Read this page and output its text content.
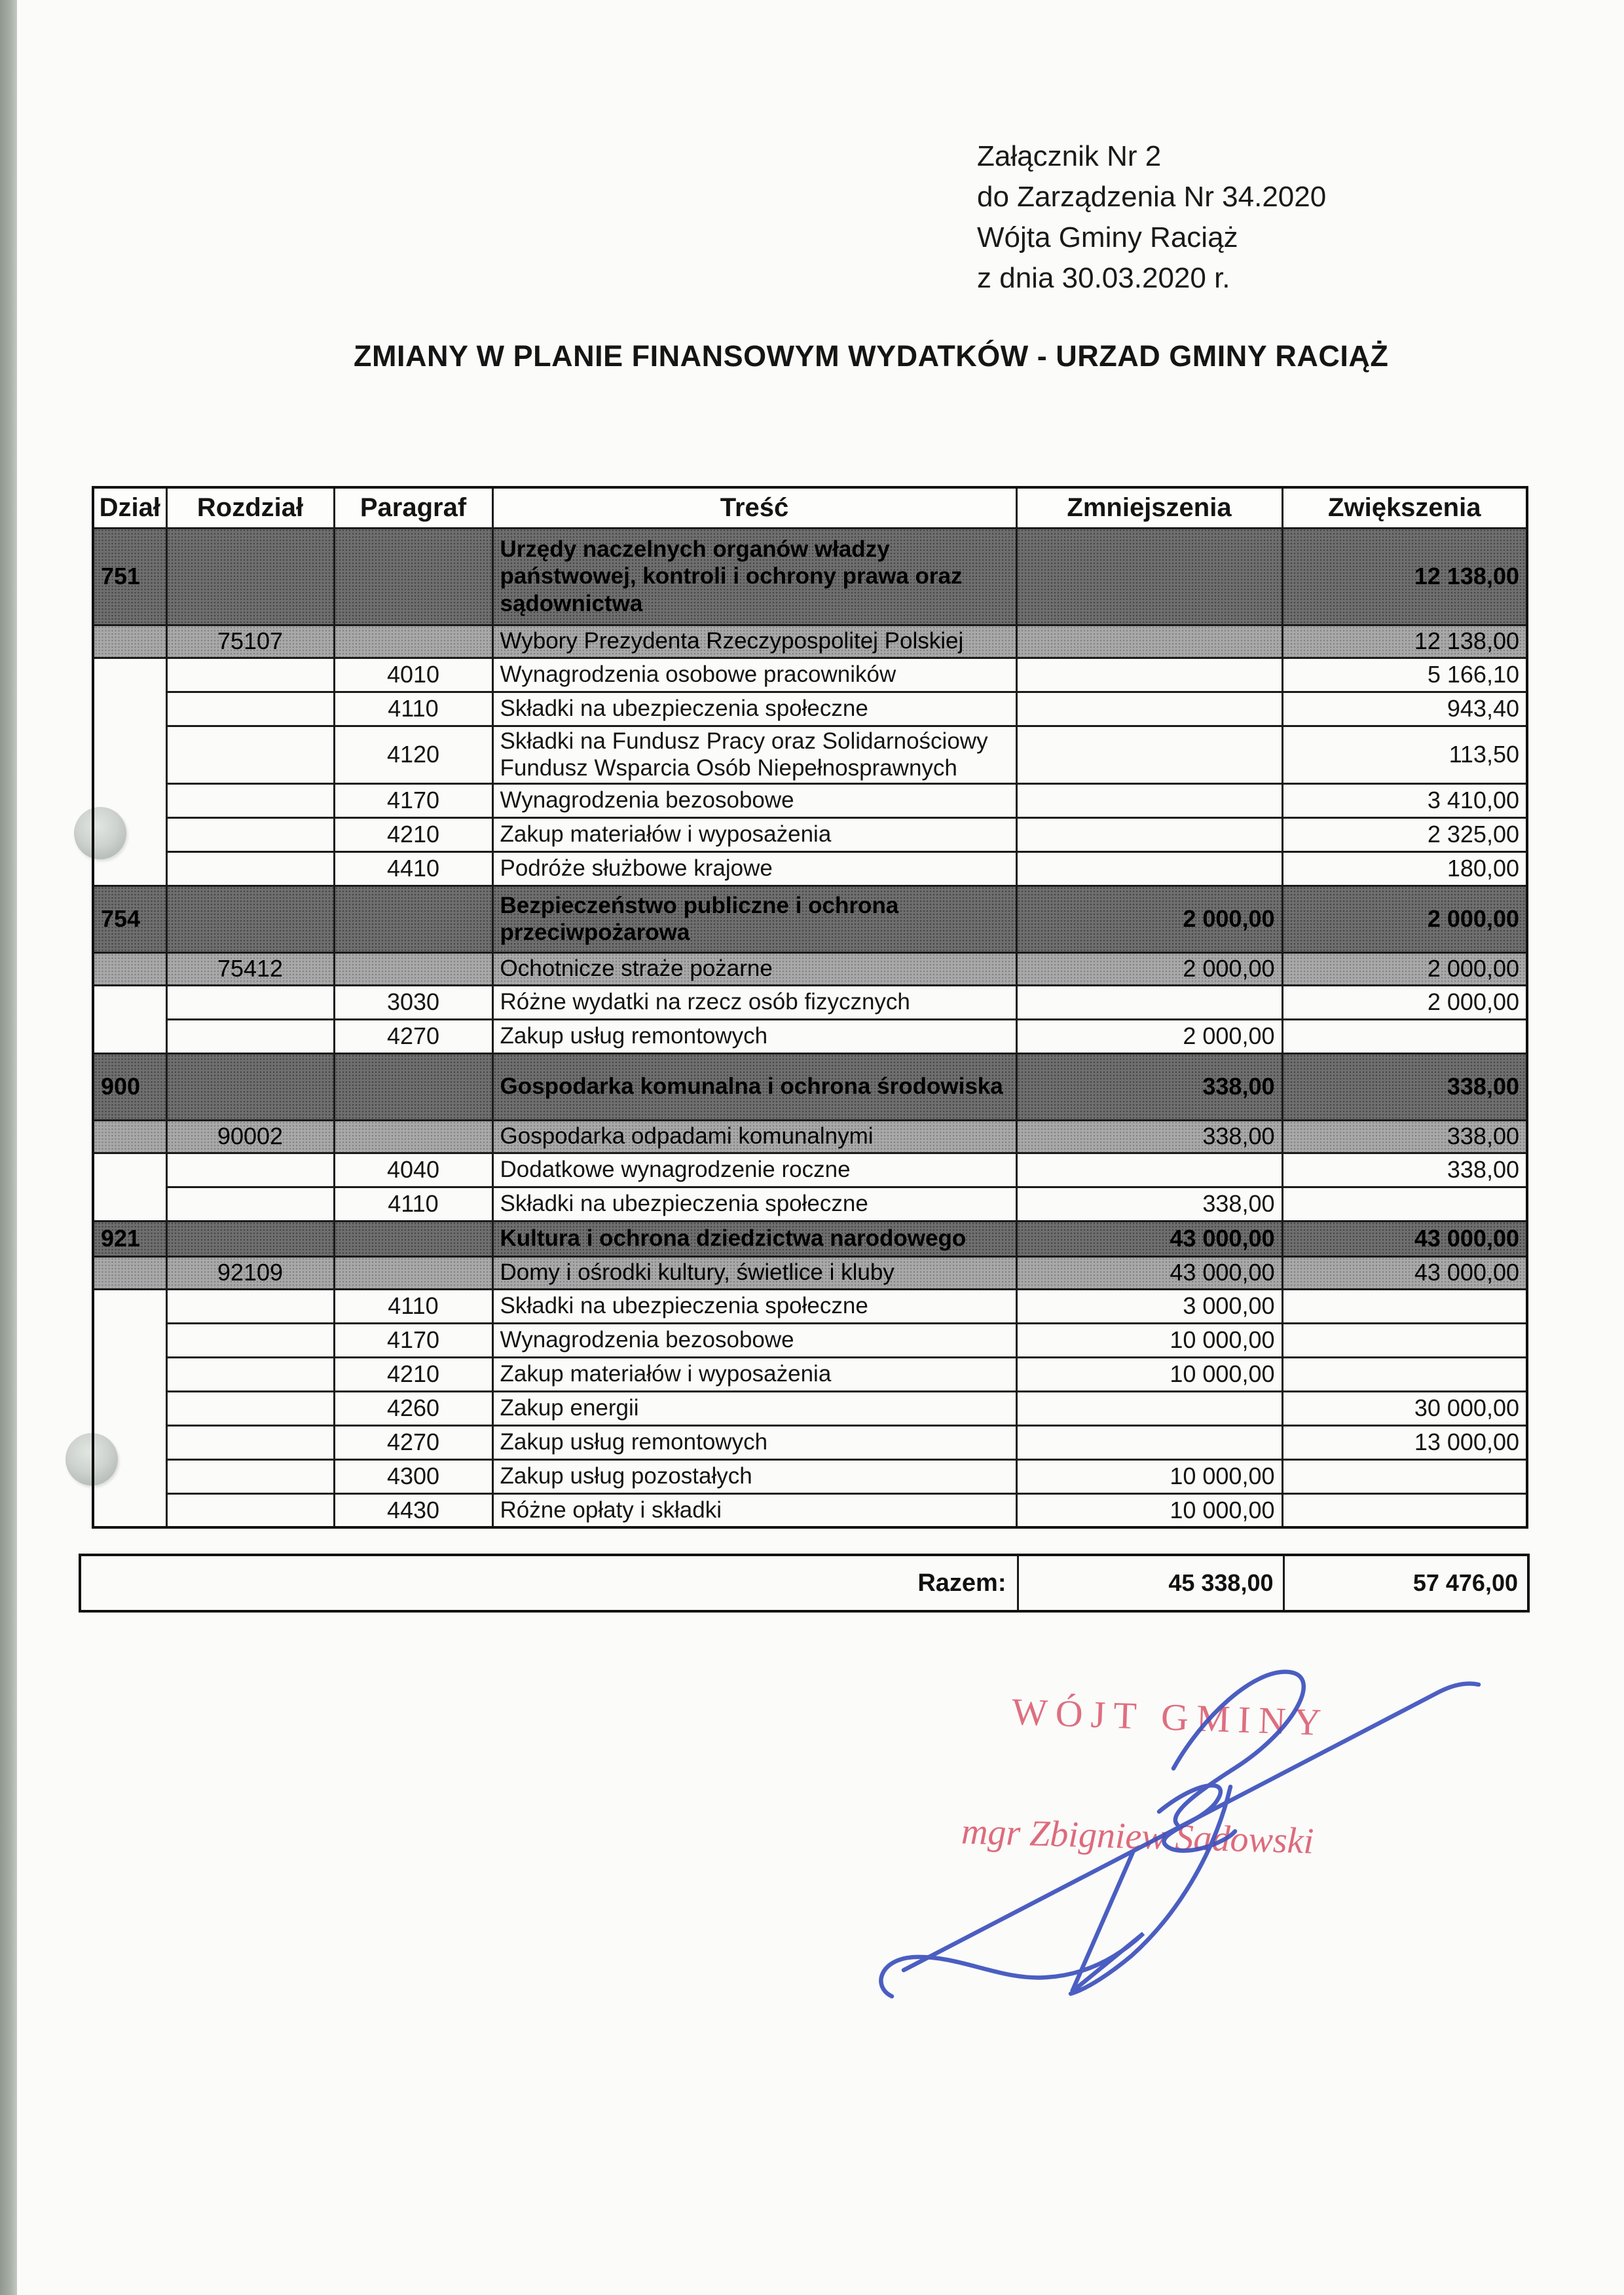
Załącznik Nr 2
do Zarządzenia Nr 34.2020
Wójta Gminy Raciąż
z dnia 30.03.2020 r.
ZMIANY W PLANIE FINANSOWYM WYDATKÓW - URZAD GMINY RACIĄŻ
Dział	Rozdział	Paragraf	Treść	Zmniejszenia	Zwiększenia
751			Urzędy naczelnych organów władzy państwowej, kontroli i ochrony prawa oraz sądownictwa		12 138,00
	75107		Wybory Prezydenta Rzeczypospolitej Polskiej		12 138,00
		4010	Wynagrodzenia osobowe pracowników		5 166,10
		4110	Składki na ubezpieczenia społeczne		943,40
		4120	Składki na Fundusz Pracy oraz Solidarnościowy Fundusz Wsparcia Osób Niepełnosprawnych		113,50
		4170	Wynagrodzenia bezosobowe		3 410,00
		4210	Zakup materiałów i wyposażenia		2 325,00
		4410	Podróże służbowe krajowe		180,00
754			Bezpieczeństwo publiczne i ochrona przeciwpożarowa	2 000,00	2 000,00
	75412		Ochotnicze straże pożarne	2 000,00	2 000,00
		3030	Różne wydatki na rzecz osób fizycznych		2 000,00
		4270	Zakup usług remontowych	2 000,00	
900			Gospodarka komunalna i ochrona środowiska	338,00	338,00
	90002		Gospodarka odpadami komunalnymi	338,00	338,00
		4040	Dodatkowe wynagrodzenie roczne		338,00
		4110	Składki na ubezpieczenia społeczne	338,00	
921			Kultura i ochrona dziedzictwa narodowego	43 000,00	43 000,00
	92109		Domy i ośrodki kultury, świetlice i kluby	43 000,00	43 000,00
		4110	Składki na ubezpieczenia społeczne	3 000,00	
		4170	Wynagrodzenia bezosobowe	10 000,00	
		4210	Zakup materiałów i wyposażenia	10 000,00	
		4260	Zakup energii		30 000,00
		4270	Zakup usług remontowych		13 000,00
		4300	Zakup usług pozostałych	10 000,00	
		4430	Różne opłaty i składki	10 000,00	
Razem:	45 338,00	57 476,00
WÓJT GMINY
mgr Zbigniew Sadowski
